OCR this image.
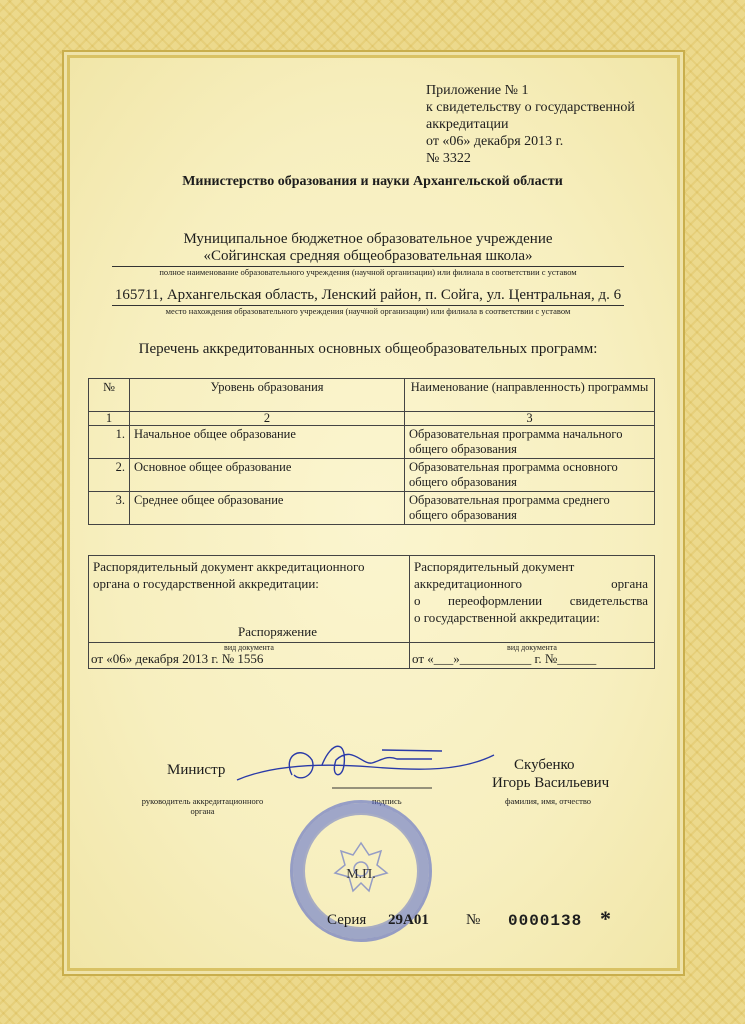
Приложение № 1
к свидетельству о государственной
аккредитации
от «06» декабря 2013 г.
№ 3322
Министерство образования и науки Архангельской области
Муниципальное бюджетное образовательное учреждение
«Сойгинская средняя общеобразовательная школа»
полное наименование образовательного учреждения (научной организации) или филиала в соответствии с уставом
165711, Архангельская область, Ленский район, п. Сойга, ул. Центральная, д. 6
место нахождения образовательного учреждения (научной организации) или филиала в соответствии с уставом
Перечень аккредитованных основных общеобразовательных программ:
№	Уровень образования	Наименование (направленность) программы
1	2	3
1.	Начальное общее образование	Образовательная программа начального общего образования
2.	Основное общее образование	Образовательная программа основного общего образования
3.	Среднее общее образование	Образовательная программа среднего общего образования
Распорядительный документ аккредитационного органа о государственной аккредитации:
Распоряжение
вид документа
от «06» декабря 2013 г. № 1556

Распорядительный документ
аккредитационного органа
о переоформлении свидетельства
о государственной аккредитации:
вид документа
от «___»___________ г. №______
Министр
руководитель аккредитационного органа
подпись
Скубенко
Игорь Васильевич
фамилия, имя, отчество
М.П.
Серия 29А01 № 0000138 *
